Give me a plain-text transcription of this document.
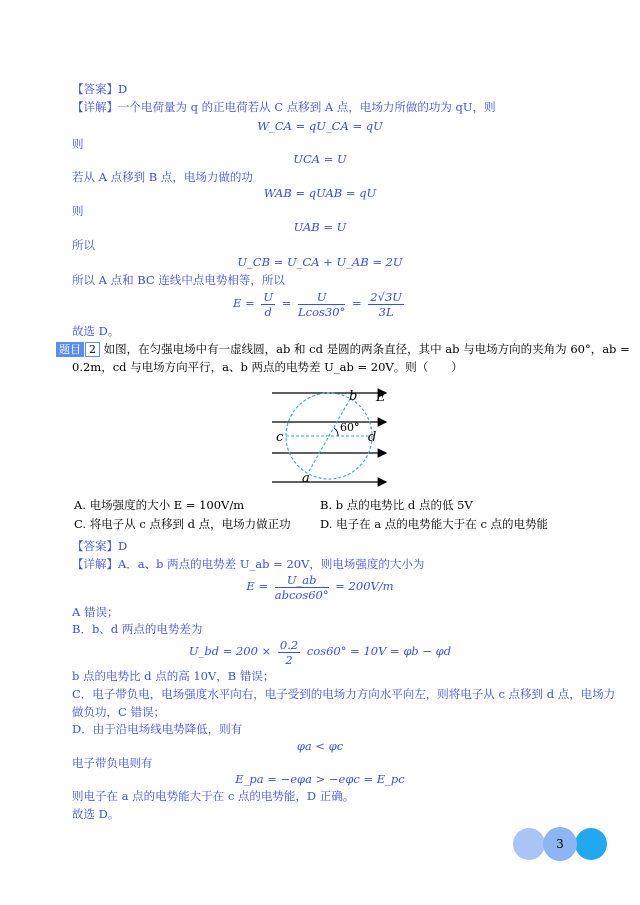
【答案】D
【详解】一个电荷量为 q 的正电荷若从 C 点移到 A 点，电场力所做的功为 qU，则
W_CA = qU_CA = qU
则
UCA = U
若从 A 点移到 B 点，电场力做的功
WAB = qUAB = qU
则
UAB = U
所以
U_CB = U_CA + U_AB = 2U
所以 A 点和 BC 连线中点电势相等，所以
$E = \frac{U}{d} = \frac{U}{Lcos30^\circ} = \frac{2√3U}{3L}$
故选 D。
题目 2 如图，在匀强电场中有一虚线圆，ab 和 cd 是圆的两条直径，其中 ab 与电场方向的夹角为 60°，ab =
0.2m，cd 与电场方向平行，a、b 两点的电势差 U_ab = 20V。则（　　）
b E
c	d
a
60°
A. 电场强度的大小 E = 100V/m	B. b 点的电势比 d 点的低 5V
C. 将电子从 c 点移到 d 点，电场力做正功	D. 电子在 a 点的电势能大于在 c 点的电势能
【答案】D
【详解】A．a、b 两点的电势差 U_ab = 20V，则电场强度的大小为
$E = \frac{U\_ab}{abcos60^\circ} = 200V/m$
A 错误；
B．b、d 两点的电势差为
U_bd = $200 \times \frac{0.2}{2} \cos 60^\circ = 10V = \varphi b - \varphi d$
b 点的电势比 d 点的高 10V，B 错误；
C．电子带负电，电场强度水平向右，电子受到的电场力方向水平向左，则将电子从 c 点移到 d 点，电场力
做负功，C 错误；
D．由于沿电场线电势降低，则有
φa < φc
电子带负电则有
E_pa = −eφa > −eφc = E_pc
则电子在 a 点的电势能大于在 c 点的电势能，D 正确。
故选 D。
3
